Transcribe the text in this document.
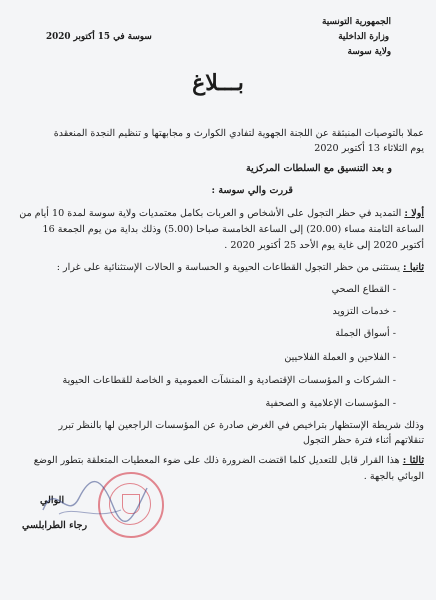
الجمهورية التونسية
وزارة الداخلية
ولاية سوسة
سوسة في 15 أكتوبر 2020
بـــلاغ
عملا بالتوصيات المنبثقة عن اللجنة الجهوية لتفادي الكوارث و مجابهتها و تنظيم النجدة المنعقدة
يوم الثلاثاء 13 أكتوبر 2020
و بعد التنسيق مع السلطات المركزية
قررت والي سوسة :
أولا : التمديد في حظر التجول على الأشخاص و العربات بكامل معتمديات ولاية سوسة لمدة 10 أيام من
الساعة الثامنة مساء (20.00) إلى الساعة الخامسة صباحا (5.00) وذلك بداية من يوم الجمعة 16
أكتوبر 2020 إلى غاية يوم الأحد 25 أكتوبر 2020 .
ثانيا : يستثنى من حظر التجول القطاعات الحيوية و الحساسة و الحالات الإستثنائية على غرار :
- القطاع الصحي
- خدمات التزويد
- أسواق الجملة
- الفلاحين و العملة الفلاحيين
- الشركات و المؤسسات الإقتصادية و المنشآت العمومية و الخاصة للقطاعات الحيوية
- المؤسسات الإعلامية و الصحفية
وذلك شريطة الإستظهار بتراخيص في الغرض صادرة عن المؤسسات الراجعين لها بالنظر تبرر
تنقلاتهم أثناء فترة حظر التجول
ثالثا : هذا القرار قابل للتعديل كلما اقتضت الضرورة ذلك على ضوء المعطيات المتعلقة بتطور الوضع
الوبائي بالجهة .
الوالي
رجاء الطرابلسي
